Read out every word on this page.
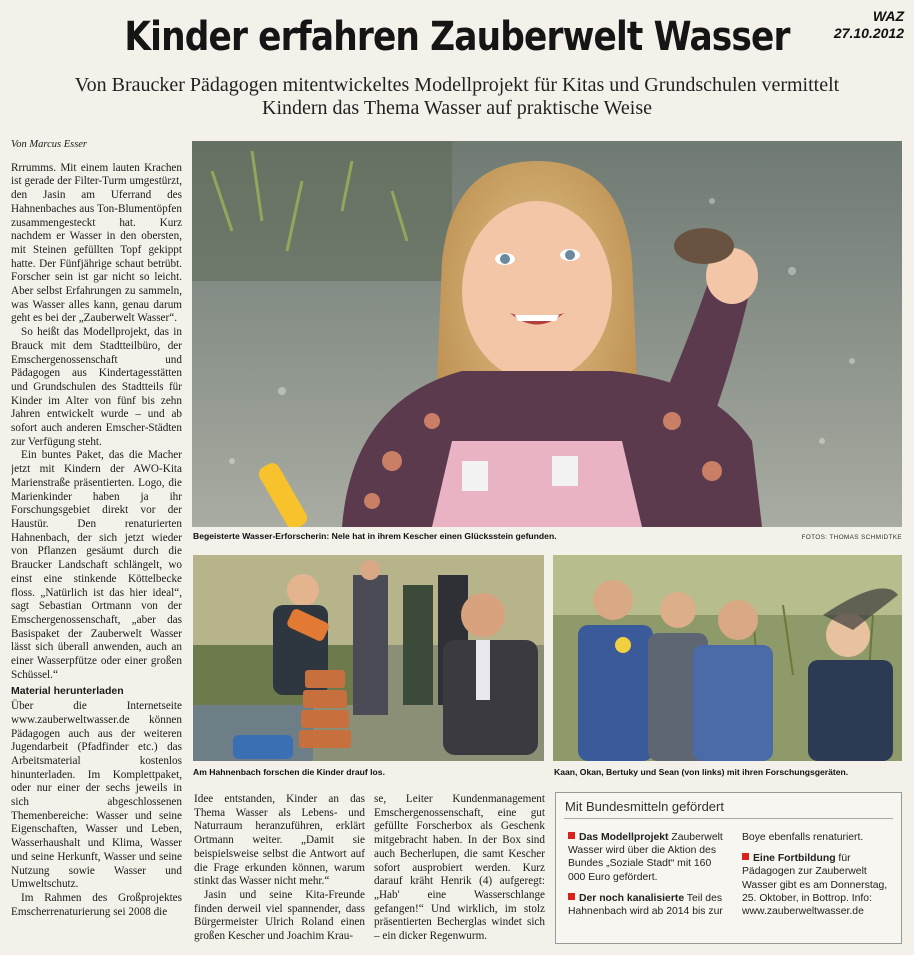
WAZ
27.10.2012
Kinder erfahren Zauberwelt Wasser
Von Braucker Pädagogen mitentwickeltes Modellprojekt für Kitas und Grundschulen vermittelt Kindern das Thema Wasser auf praktische Weise
Von Marcus Esser

Rrrumms. Mit einem lauten Krachen ist gerade der Filter-Turm umgestürzt, den Jasin am Uferrand des Hahnenbaches aus Ton-Blumentöpfen zusammengesteckt hat. Kurz nachdem er Wasser in den obersten, mit Steinen gefüllten Topf gekippt hatte. Der Fünfjährige schaut betrübt. Forscher sein ist gar nicht so leicht. Aber selbst Erfahrungen zu sammeln, was Wasser alles kann, genau darum geht es bei der „Zauberwelt Wasser“.

So heißt das Modellprojekt, das in Brauck mit dem Stadtteilbüro, der Emschergenossenschaft und Pädagogen aus Kindertagesstätten und Grundschulen des Stadtteils für Kinder im Alter von fünf bis zehn Jahren entwickelt wurde – und ab sofort auch anderen Emscher-Städten zur Verfügung steht.

Ein buntes Paket, das die Macher jetzt mit Kindern der AWO-Kita Marienstraße präsentierten. Logo, die Marienkinder haben ja ihr Forschungsgebiet direkt vor der Haustür. Den renaturierten Hahnenbach, der sich jetzt wieder von Pflanzen gesäumt durch die Braucker Landschaft schlängelt, wo einst eine stinkende Köttelbecke floss. „Natürlich ist das hier ideal“, sagt Sebastian Ortmann von der Emschergenossenschaft, „aber das Basispaket der Zauberwelt Wasser lässt sich überall anwenden, auch an einer Wasserpfütze oder einer großen Schüssel.“

Material herunterladen

Über die Internetseite www.zauberweltwasser.de können Pädagogen auch aus der weiteren Jugendarbeit (Pfadfinder etc.) das Arbeitsmaterial kostenlos hinunterladen. Im Komplettpaket, oder nur einer der sechs jeweils in sich abgeschlossenen Themenbereiche: Wasser und seine Eigenschaften, Wasser und Leben, Wasserhaushalt und Klima, Wasser und seine Herkunft, Wasser und seine Nutzung sowie Wasser und Umweltschutz.

Im Rahmen des Großprojektes Emscherrenaturierung sei 2008 die

Begeisterte Wasser-Erforscherin: Nele hat in ihrem Kescher einen Glücksstein gefunden.	FOTOS: THOMAS SCHMIDTKE
Am Hahnenbach forschen die Kinder drauf los.	Kaan, Okan, Bertuky und Sean (von links) mit ihren Forschungsgeräten.

Idee entstanden, Kinder an das Thema Wasser als Lebens- und Naturraum heranzuführen, erklärt Ortmann weiter. „Damit sie beispielsweise selbst die Antwort auf die Frage erkunden können, warum stinkt das Wasser nicht mehr.“

Jasin und seine Kita-Freunde finden derweil viel spannender, dass Bürgermeister Ulrich Roland einen großen Kescher und Joachim Krau-

se, Leiter Kundenmanagement Emschergenossenschaft, eine gut gefüllte Forscherbox als Geschenk mitgebracht haben. In der Box sind auch Becherlupen, die samt Kescher sofort ausprobiert werden. Kurz darauf kräht Henrik (4) aufgeregt: „Hab' eine Wasserschlange gefangen!“ Und wirklich, im stolz präsentierten Becherglas windet sich – ein dicker Regenwurm.

Mit Bundesmitteln gefördert

Das Modellprojekt Zauberwelt Wasser wird über die Aktion des Bundes „Soziale Stadt“ mit 160 000 Euro gefördert.

Der noch kanalisierte Teil des Hahnenbach wird ab 2014 bis zur

Boye ebenfalls renaturiert.

Eine Fortbildung für Pädagogen zur Zauberwelt Wasser gibt es am Donnerstag, 25. Oktober, in Bottrop. Info: www.zauberweltwasser.de
